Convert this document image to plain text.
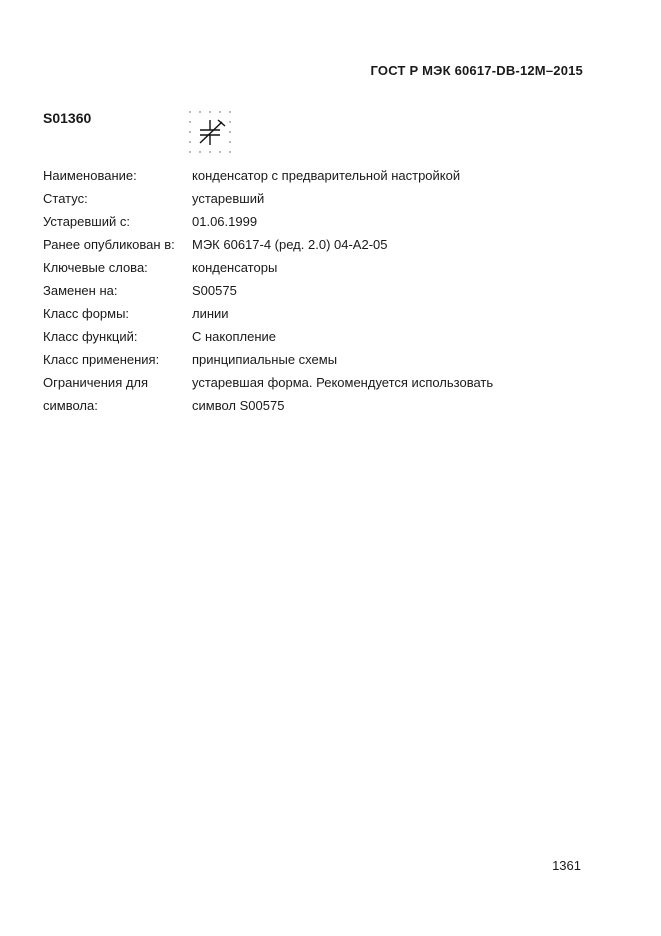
ГОСТ Р МЭК 60617-DB-12M–2015
S01360
Наименование:	конденсатор с предварительной настройкой
Статус:	устаревший
Устаревший с:	01.06.1999
Ранее опубликован в:	МЭК 60617-4 (ред. 2.0) 04-A2-05
Ключевые слова:	конденсаторы
Заменен на:	S00575
Класс формы:	линии
Класс функций:	С накопление
Класс применения:	принципиальные схемы
Ограничения для	устаревшая форма. Рекомендуется использовать
символа:	символ S00575
1361
